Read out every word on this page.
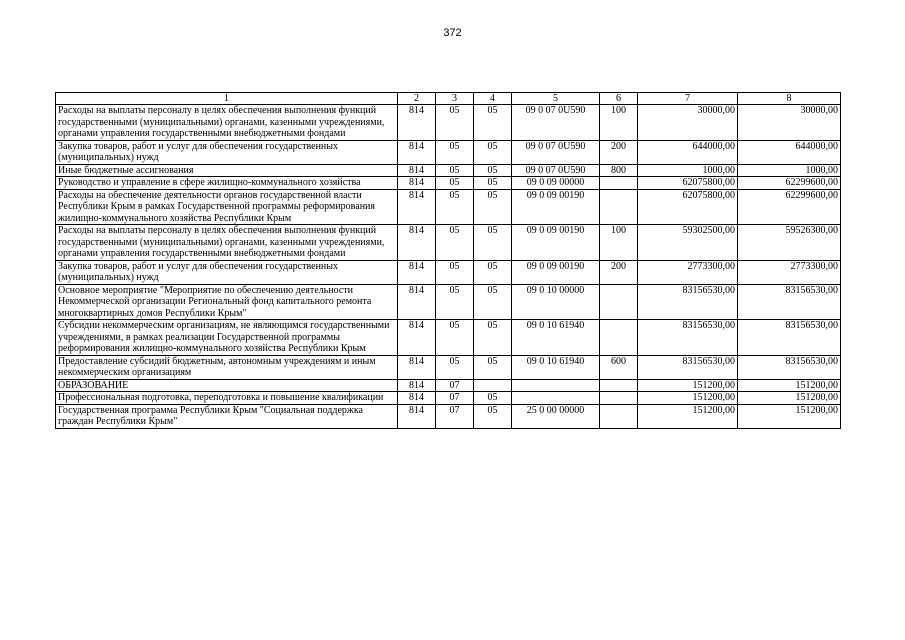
372
1	2	3	4	5	6	7	8
Расходы на выплаты персоналу в целях обеспечения выполнения функций государственными (муниципальными) органами, казенными учреждениями, органами управления государственными внебюджетными фондами	814	05	05	09 0 07 0U590	100	30000,00	30000,00
Закупка товаров, работ и услуг для обеспечения государственных (муниципальных) нужд	814	05	05	09 0 07 0U590	200	644000,00	644000,00
Иные бюджетные ассигнования	814	05	05	09 0 07 0U590	800	1000,00	1000,00
Руководство и управление в сфере жилищно-коммунального хозяйства	814	05	05	09 0 09 00000		62075800,00	62299600,00
Расходы на обеспечение деятельности органов государственной власти Республики Крым в рамках Государственной программы реформирования жилищно-коммунального хозяйства Республики Крым	814	05	05	09 0 09 00190		62075800,00	62299600,00
Расходы на выплаты персоналу в целях обеспечения выполнения функций государственными (муниципальными) органами, казенными учреждениями, органами управления государственными внебюджетными фондами	814	05	05	09 0 09 00190	100	59302500,00	59526300,00
Закупка товаров, работ и услуг для обеспечения государственных (муниципальных) нужд	814	05	05	09 0 09 00190	200	2773300,00	2773300,00
Основное мероприятие "Мероприятие по обеспечению деятельности Некоммерческой организации Региональный фонд капитального ремонта многоквартирных домов Республики Крым"	814	05	05	09 0 10 00000		83156530,00	83156530,00
Субсидии некоммерческим организациям, не являющимся государственными учреждениями, в рамках реализации Государственной программы реформирования жилищно-коммунального хозяйства Республики Крым	814	05	05	09 0 10 61940		83156530,00	83156530,00
Предоставление субсидий бюджетным, автономным учреждениям и иным некоммерческим организациям	814	05	05	09 0 10 61940	600	83156530,00	83156530,00
ОБРАЗОВАНИЕ	814	07				151200,00	151200,00
Профессиональная подготовка, переподготовка и повышение квалификации	814	07	05			151200,00	151200,00
Государственная программа Республики Крым "Социальная поддержка граждан Республики Крым"	814	07	05	25 0 00 00000		151200,00	151200,00
